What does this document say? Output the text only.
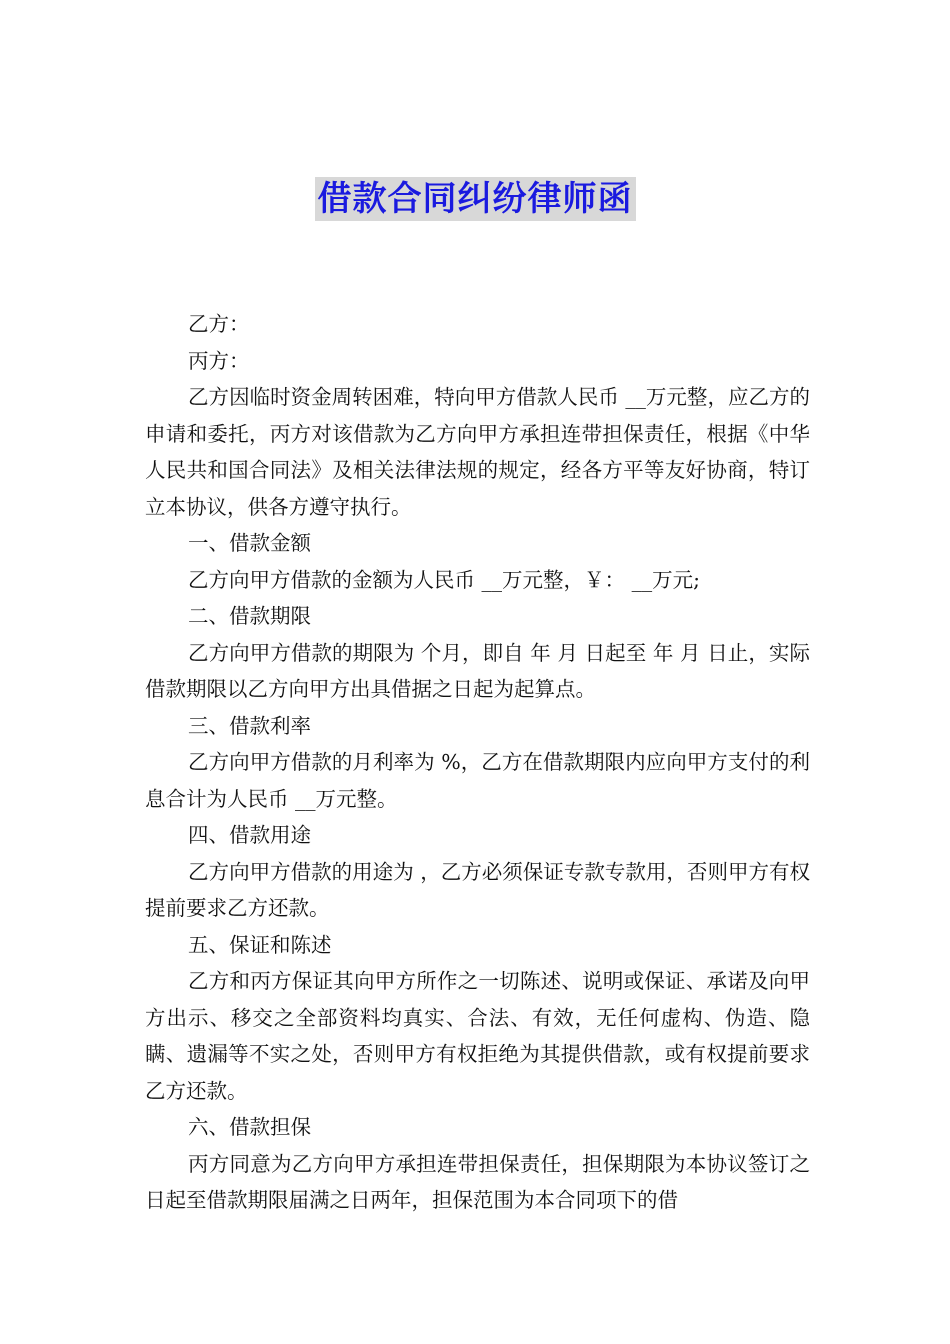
借款合同纠纷律师函

乙方：

丙方：

乙方因临时资金周转困难，特向甲方借款人民币 __万元整，应乙方的申请和委托，丙方对该借款为乙方向甲方承担连带担保责任，根据《中华人民共和国合同法》及相关法律法规的规定，经各方平等友好协商，特订立本协议，供各方遵守执行。

一、借款金额

乙方向甲方借款的金额为人民币 __万元整，￥： __万元;

二、借款期限

乙方向甲方借款的期限为 个月，即自 年 月 日起至 年 月 日止，实际借款期限以乙方向甲方出具借据之日起为起算点。

三、借款利率

乙方向甲方借款的月利率为 %，乙方在借款期限内应向甲方支付的利息合计为人民币 __万元整。

四、借款用途

乙方向甲方借款的用途为 ，乙方必须保证专款专款用，否则甲方有权提前要求乙方还款。

五、保证和陈述

乙方和丙方保证其向甲方所作之一切陈述、说明或保证、承诺及向甲方出示、移交之全部资料均真实、合法、有效，无任何虚构、伪造、隐瞒、遗漏等不实之处，否则甲方有权拒绝为其提供借款，或有权提前要求乙方还款。

六、借款担保

丙方同意为乙方向甲方承担连带担保责任，担保期限为本协议签订之日起至借款期限届满之日两年，担保范围为本合同项下的借
